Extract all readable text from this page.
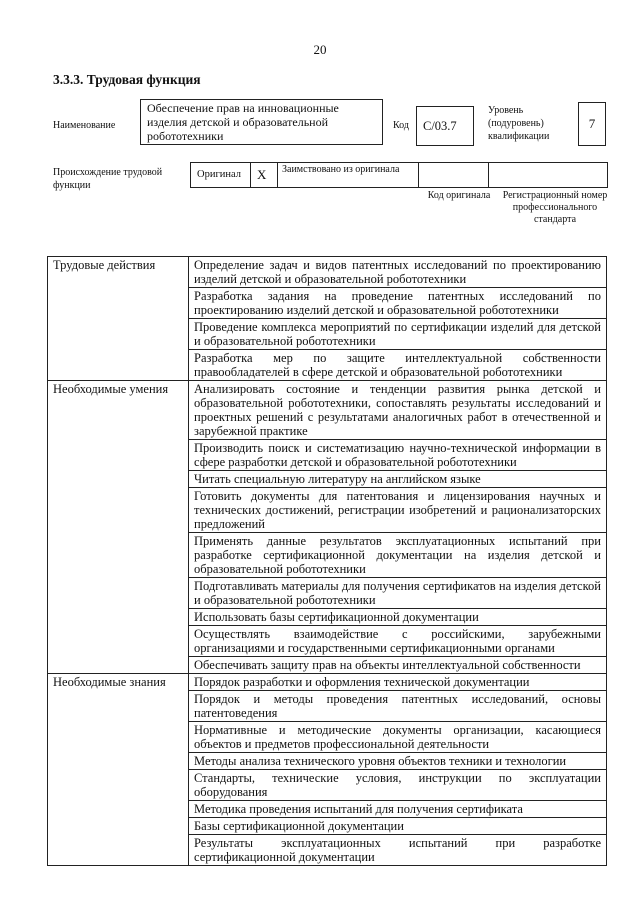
20
3.3.3. Трудовая функция
Наименование
Обеспечение прав на инновационные изделия детской и образовательной робототехники
Код	С/03.7
Уровень (подуровень) квалификации
7
Происхождение трудовой функции
Оригинал	X	Заимствовано из оригинала
Код оригинала	Регистрационный номер профессионального стандарта
Трудовые действия	Определение задач и видов патентных исследований по проектированию изделий детской и образовательной робототехники
	Разработка задания на проведение патентных исследований по проектированию изделий детской и образовательной робототехники
	Проведение комплекса мероприятий по сертификации изделий для детской и образовательной робототехники
	Разработка мер по защите интеллектуальной собственности правообладателей в сфере детской и образовательной робототехники
Необходимые умения	Анализировать состояние и тенденции развития рынка детской и образовательной робототехники, сопоставлять результаты исследований и проектных решений с результатами аналогичных работ в отечественной и зарубежной практике
	Производить поиск и систематизацию научно-технической информации в сфере разработки детской и образовательной робототехники
	Читать специальную литературу на английском языке
	Готовить документы для патентования и лицензирования научных и технических достижений, регистрации изобретений и рационализаторских предложений
	Применять данные результатов эксплуатационных испытаний при разработке сертификационной документации на изделия детской и образовательной робототехники
	Подготавливать материалы для получения сертификатов на изделия детской и образовательной робототехники
	Использовать базы сертификационной документации
	Осуществлять взаимодействие с российскими, зарубежными организациями и государственными сертификационными органами
	Обеспечивать защиту прав на объекты интеллектуальной собственности
Необходимые знания	Порядок разработки и оформления технической документации
	Порядок и методы проведения патентных исследований, основы патентоведения
	Нормативные и методические документы организации, касающиеся объектов и предметов профессиональной деятельности
	Методы анализа технического уровня объектов техники и технологии
	Стандарты, технические условия, инструкции по эксплуатации оборудования
	Методика проведения испытаний для получения сертификата
	Базы сертификационной документации
	Результаты эксплуатационных испытаний при разработке сертификационной документации
